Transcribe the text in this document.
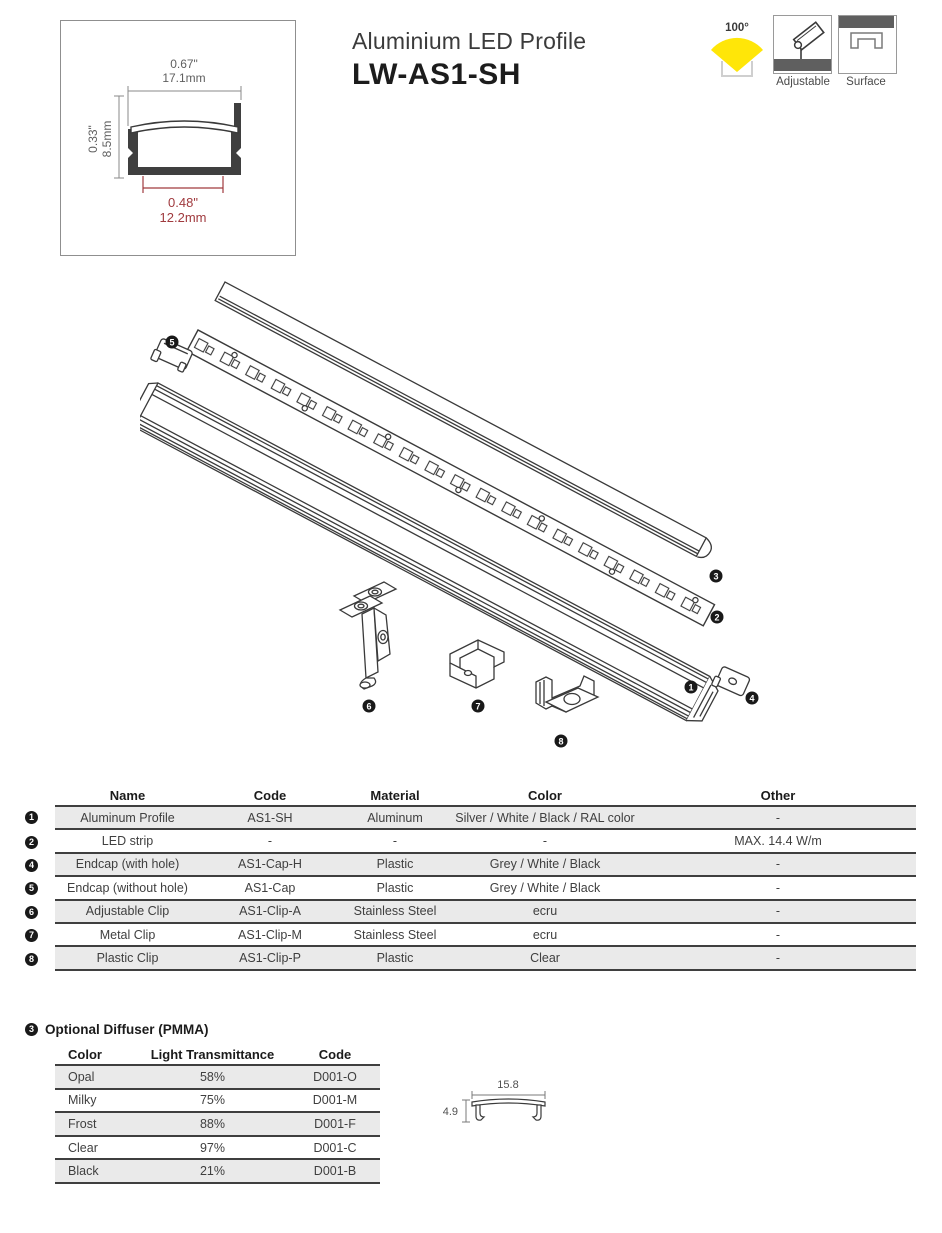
0.67"
17.1mm
0.33" 8.5mm
0.48"
12.2mm
Aluminium LED Profile
LW-AS1-SH
100°
Adjustable	Surface
1
2
3
4
5
6	7
8
Name	Code	Material	Color	Other
1	Aluminum Profile	AS1-SH	Aluminum	Silver / White / Black / RAL color	-
2	LED strip	-	-	-	MAX. 14.4 W/m
4	Endcap (with hole)	AS1-Cap-H	Plastic	Grey / White / Black	-
5	Endcap (without hole)	AS1-Cap	Plastic	Grey / White / Black	-
6	Adjustable Clip	AS1-Clip-A	Stainless Steel	ecru	-
7	Metal Clip	AS1-Clip-M	Stainless Steel	ecru	-
8	Plastic Clip	AS1-Clip-P	Plastic	Clear	-
3 Optional Diffuser (PMMA)
Color	Light Transmittance	Code
Opal	58%	D001-O
Milky	75%	D001-M
Frost	88%	D001-F
Clear	97%	D001-C
Black	21%	D001-B
15.8
4.9
